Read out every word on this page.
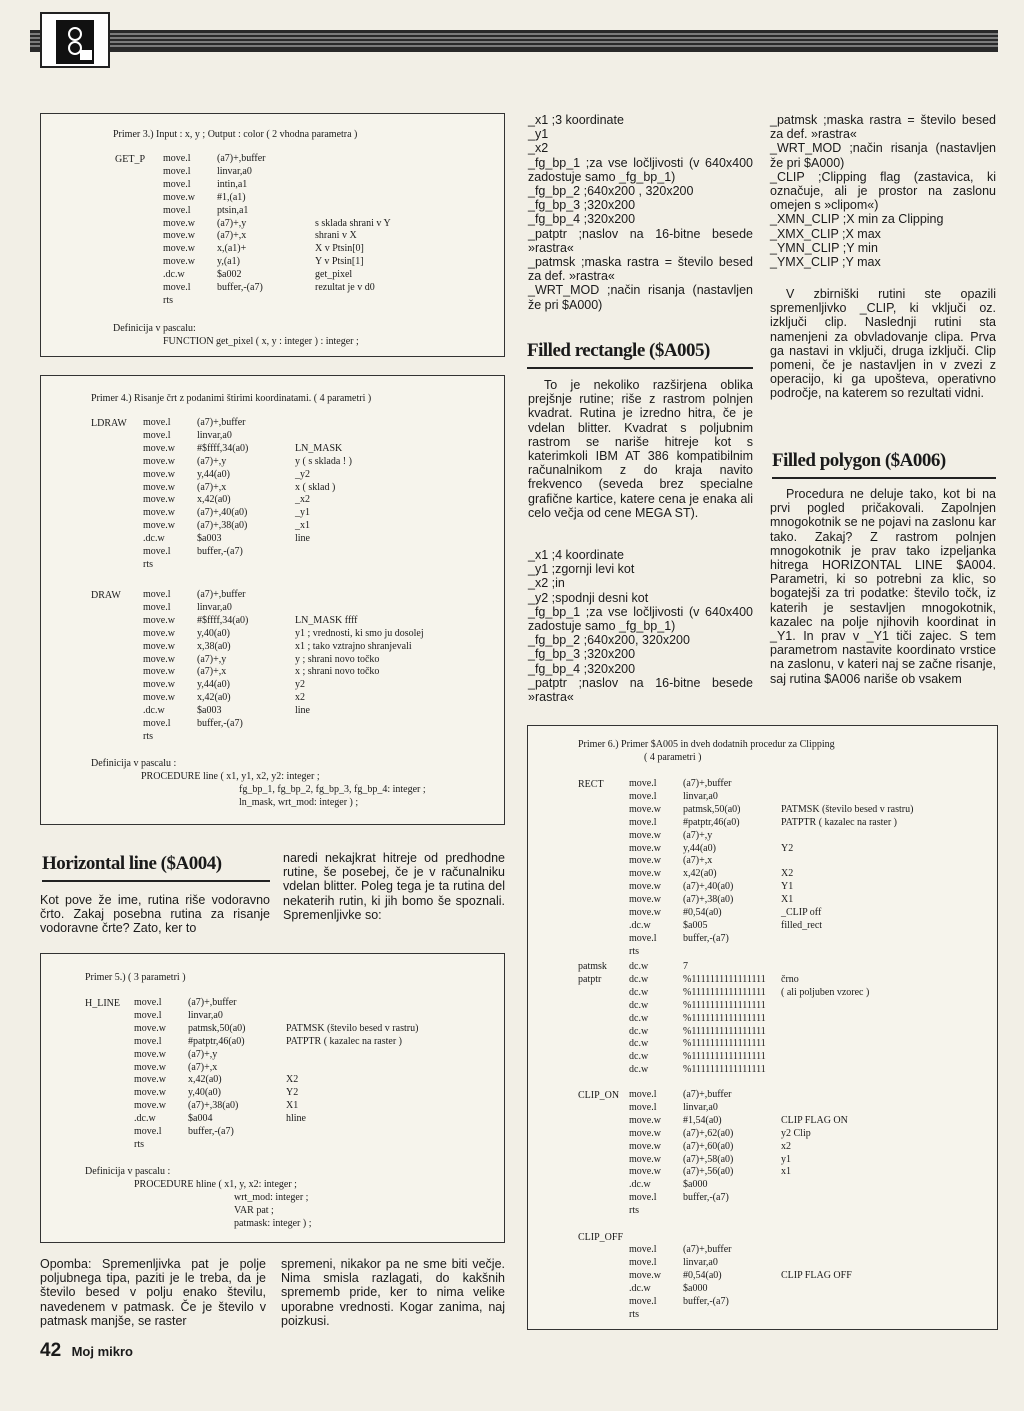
Primer 3.) Input : x, y ; Output : color ( 2 vhodna parametra )
GET_P move.l	(a7)+,buffer	
move.l	linvar,a0	
move.l	intin,a1	
move.w	#1,(a1)	
move.l	ptsin,a1	
move.w	(a7)+,y	s sklada shrani v Y
move.w	(a7)+,x	shrani v X
move.w	x,(a1)+	X v Ptsin[0]
move.w	y,(a1)	Y v Ptsin[1]
.dc.w	$a002	get_pixel
move.l	buffer,-(a7)	rezultat je v d0
rts		
Definicija v pascalu:
FUNCTION get_pixel ( x, y : integer ) : integer ;
Primer 4.) Risanje črt z podanimi štirimi koordinatami. ( 4 parametri )
LDRAW move.l	(a7)+,buffer	
move.l	linvar,a0	
move.w	#$ffff,34(a0)	LN_MASK
move.w	(a7)+,y	y ( s sklada ! )
move.w	y,44(a0)	_y2
move.w	(a7)+,x	x ( sklad )
move.w	x,42(a0)	_x2
move.w	(a7)+,40(a0)	_y1
move.w	(a7)+,38(a0)	_x1
.dc.w	$a003	line
move.l	buffer,-(a7)	
rts		
DRAW move.l	(a7)+,buffer	
move.l	linvar,a0	
move.w	#$ffff,34(a0)	LN_MASK ffff
move.w	y,40(a0)	y1 ; vrednosti, ki smo ju dosolej
move.w	x,38(a0)	x1 ; tako vztrajno shranjevali
move.w	(a7)+,y	y ; shrani novo točko
move.w	(a7)+,x	x ; shrani novo točko
move.w	y,44(a0)	y2
move.w	x,42(a0)	x2
.dc.w	$a003	line
move.l	buffer,-(a7)	
rts		
Definicija v pascalu :
PROCEDURE line ( x1, y1, x2, y2: integer ;
fg_bp_1, fg_bp_2, fg_bp_3, fg_bp_4: integer ;
ln_mask, wrt_mod: integer ) ;
Horizontal line ($A004)
Kot pove že ime, rutina riše vodoravno črto. Zakaj posebna rutina za risanje vodoravne črte? Zato, ker to
naredi nekajkrat hitreje od predhodne rutine, še posebej, če je v računalniku vdelan blitter. Poleg tega je ta rutina del nekaterih rutin, ki jih bomo še spoznali. Spremenljivke so:
Primer 5.) ( 3 parametri )
H_LINE move.l	(a7)+,buffer	
move.l	linvar,a0	
move.w	patmsk,50(a0)	PATMSK (število besed v rastru)
move.l	#patptr,46(a0)	PATPTR ( kazalec na raster )
move.w	(a7)+,y	
move.w	(a7)+,x	
move.w	x,42(a0)	X2
move.w	y,40(a0)	Y2
move.w	(a7)+,38(a0)	X1
.dc.w	$a004	hline
move.l	buffer,-(a7)	
rts		
Definicija v pascalu :
PROCEDURE hline ( x1, y, x2: integer ;
wrt_mod: integer ;
VAR pat ;
patmask: integer ) ;
Opomba: Spremenljivka pat je polje poljubnega tipa, paziti je le treba, da je število besed v polju enako številu, navedenem v patmask. Če je število v patmask manjše, se raster
spremeni, nikakor pa ne sme biti večje. Nima smisla razlagati, do kakšnih sprememb pride, ker to nima velike uporabne vrednosti. Kogar zanima, naj poizkusi.

_x1 ;3 koordinate

_y1

_x2

_fg_bp_1 ;za vse ločljivosti (v 640x400 zadostuje samo _fg_bp_1)

_fg_bp_2 ;640x200 , 320x200

_fg_bp_3 ;320x200

_fg_bp_4 ;320x200

_patptr ;naslov na 16-bitne besede »rastra«

_patmsk ;maska rastra = število besed za def. »rastra«

_WRT_MOD ;način risanja (nastavljen že pri $A000)

Filled rectangle ($A005)
To je nekoliko razširjena oblika prejšnje rutine; riše z rastrom polnjen kvadrat. Rutina je izredno hitra, če je vdelan blitter. Kvadrat s poljubnim rastrom se nariše hitreje kot s katerimkoli IBM AT 386 kompatibilnim računalnikom z do kraja navito frekvenco (seveda brez specialne grafične kartice, katere cena je enaka ali celo večja od cene MEGA ST).

_x1 ;4 koordinate

_y1 ;zgornji levi kot

_x2 ;in

_y2 ;spodnji desni kot

_fg_bp_1 ;za vse ločljivosti (v 640x400 zadostuje samo _fg_bp_1)

_fg_bp_2 ;640x200, 320x200

_fg_bp_3 ;320x200

_fg_bp_4 ;320x200

_patptr ;naslov na 16-bitne besede »rastra«

_patmsk ;maska rastra = število besed za def. »rastra«

_WRT_MOD ;način risanja (nastavljen že pri $A000)

_CLIP ;Clipping flag (zastavica, ki označuje, ali je prostor na zaslonu omejen s »clipom«)

_XMN_CLIP ;X min za Clipping

_XMX_CLIP ;X max

_YMN_CLIP ;Y min

_YMX_CLIP ;Y max

V zbirniški rutini ste opazili spremenljivko _CLIP, ki vključi oz. izključi clip. Naslednji rutini sta namenjeni za obvladovanje clipa. Prva ga nastavi in vključi, druga izključi. Clip pomeni, če je nastavljen in v zvezi z operacijo, ki ga upošteva, operativno področje, na katerem so rezultati vidni.
Filled polygon ($A006)
Procedura ne deluje tako, kot bi na prvi pogled pričakovali. Zapolnjen mnogokotnik se ne pojavi na zaslonu kar tako. Zakaj? Z rastrom polnjen mnogokotnik je prav tako izpeljanka hitrega HORIZONTAL LINE $A004. Parametri, ki so potrebni za klic, so bogatejši za tri podatke: število točk, iz katerih je sestavljen mnogokotnik, kazalec na polje njihovih koordinat in _Y1. In prav v _Y1 tiči zajec. S tem parametrom nastavite koordinato vrstice na zaslonu, v kateri naj se začne risanje, saj rutina $A006 nariše ob vsakem
Primer 6.) Primer $A005 in dveh dodatnih procedur za Clipping
( 4 parametri )
RECT	move.l	(a7)+,buffer	
move.l	linvar,a0	
move.w	patmsk,50(a0)	PATMSK (število besed v rastru)
move.l	#patptr,46(a0)	PATPTR ( kazalec na raster )
move.w	(a7)+,y	
move.w	y,44(a0)	Y2
move.w	(a7)+,x	
move.w	x,42(a0)	X2
move.w	(a7)+,40(a0)	Y1
move.w	(a7)+,38(a0)	X1
move.w	#0,54(a0)	_CLIP off
.dc.w	$a005	filled_rect
move.l	buffer,-(a7)	
rts		
patmsk	dc.w	7	
patptr	dc.w	%1111111111111111	črno
	dc.w	%1111111111111111	( ali poljuben vzorec )
	dc.w	%1111111111111111	
	dc.w	%1111111111111111	
	dc.w	%1111111111111111	
	dc.w	%1111111111111111	
	dc.w	%1111111111111111	
	dc.w	%1111111111111111	
CLIP_ON move.l	(a7)+,buffer	
move.l	linvar,a0	
move.w	#1,54(a0)	CLIP FLAG ON
move.w	(a7)+,62(a0)	y2 Clip
move.w	(a7)+,60(a0)	x2
move.w	(a7)+,58(a0)	y1
move.w	(a7)+,56(a0)	x1
.dc.w	$a000	
move.l	buffer,-(a7)	
rts		
CLIP_OFF
move.l	(a7)+,buffer	
move.l	linvar,a0	
move.w	#0,54(a0)	CLIP FLAG OFF
.dc.w	$a000	
move.l	buffer,-(a7)	
rts		
42 Moj mikro
